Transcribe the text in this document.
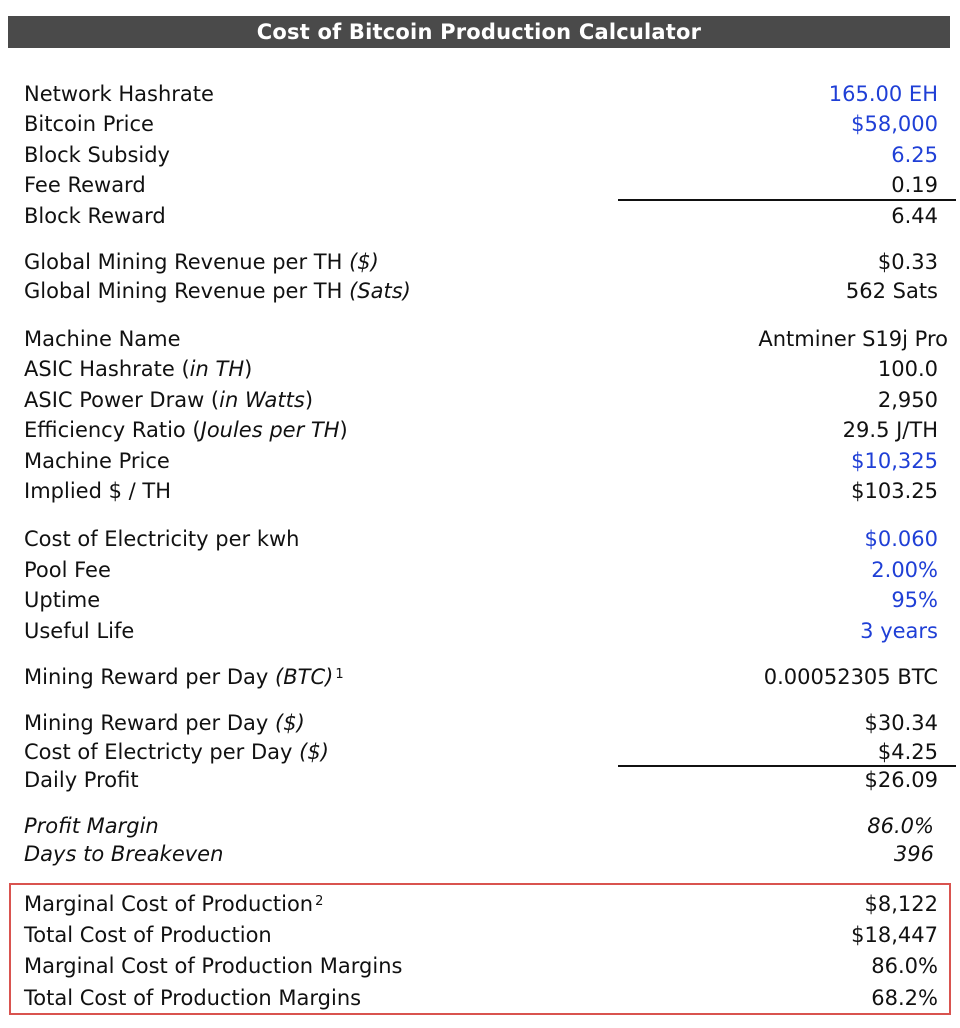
Cost of Bitcoin Production Calculator
Network Hashrate	165.00 EH
Bitcoin Price	$58,000
Block Subsidy	6.25
Fee Reward	0.19
Block Reward	6.44
Global Mining Revenue per TH ($)	$0.33
Global Mining Revenue per TH (Sats)	562 Sats
Machine Name	Antminer S19j Pro
ASIC Hashrate (in TH)	100.0
ASIC Power Draw (in Watts)	2,950
Efficiency Ratio (Joules per TH)	29.5 J/TH
Machine Price	$10,325
Implied $ / TH	$103.25
Cost of Electricity per kwh	$0.060
Pool Fee	2.00%
Uptime	95%
Useful Life	3 years
Mining Reward per Day (BTC) $^1$	0.00052305 BTC
Mining Reward per Day ($)	$30.34
Cost of Electricty per Day ($)	$4.25
Daily Profit	$26.09
Profit Margin	86.0%
Days to Breakeven	396
Marginal Cost of Production $^2$	$8,122
Total Cost of Production	$18,447
Marginal Cost of Production Margins	86.0%
Total Cost of Production Margins	68.2%
